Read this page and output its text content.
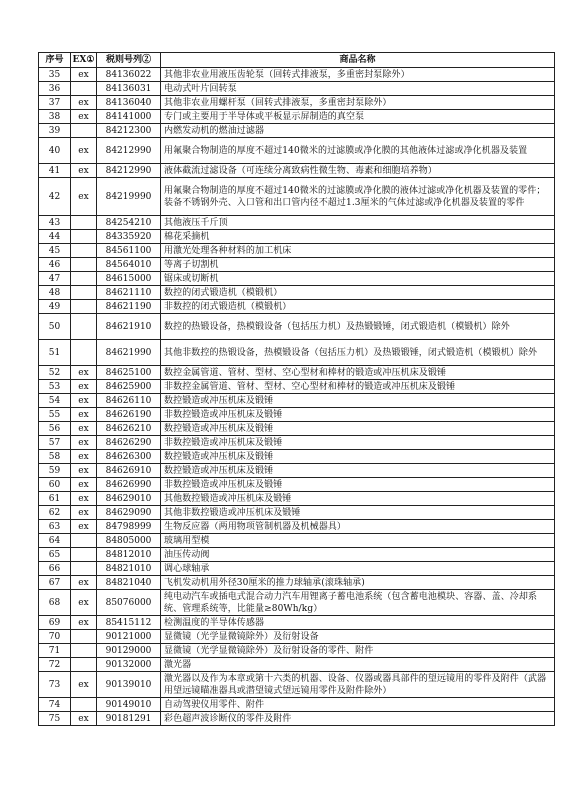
序号	EX①	税则号列②	商品名称
35	ex	84136022	其他非农业用液压齿轮泵（回转式排液泵，多重密封泵除外）
36		84136031	电动式叶片回转泵
37	ex	84136040	其他非农业用螺杆泵（回转式排液泵，多重密封泵除外）
38	ex	84141000	专门或主要用于半导体或平板显示屏制造的真空泵
39		84212300	内燃发动机的燃油过滤器
40	ex	84212990	用氟聚合物制造的厚度不超过140微米的过滤膜或净化膜的其他液体过滤或净化机器及装置
41	ex	84212990	液体截流过滤设备（可连续分离致病性微生物、毒素和细胞培养物）
42	ex	84219990	用氟聚合物制造的厚度不超过140微米的过滤膜或净化膜的液体过滤或净化机器及装置的零件；装备不锈钢外壳、入口管和出口管内径不超过1.3厘米的气体过滤或净化机器及装置的零件
43		84254210	其他液压千斤顶
44		84335920	棉花采摘机
45		84561100	用激光处理各种材料的加工机床
46		84564010	等离子切割机
47		84615000	锯床或切断机
48		84621110	数控的闭式锻造机（模锻机）
49		84621190	非数控的闭式锻造机（模锻机）
50		84621910	数控的热锻设备，热模锻设备（包括压力机）及热锻锻锤，闭式锻造机（模锻机）除外
51		84621990	其他非数控的热锻设备，热模锻设备（包括压力机）及热锻锻锤，闭式锻造机（模锻机）除外
52	ex	84625100	数控金属管道、管材、型材、空心型材和棒材的锻造或冲压机床及锻锤
53	ex	84625900	非数控金属管道、管材、型材、空心型材和棒材的锻造或冲压机床及锻锤
54	ex	84626110	数控锻造或冲压机床及锻锤
55	ex	84626190	非数控锻造或冲压机床及锻锤
56	ex	84626210	数控锻造或冲压机床及锻锤
57	ex	84626290	非数控锻造或冲压机床及锻锤
58	ex	84626300	数控锻造或冲压机床及锻锤
59	ex	84626910	数控锻造或冲压机床及锻锤
60	ex	84626990	非数控锻造或冲压机床及锻锤
61	ex	84629010	其他数控锻造或冲压机床及锻锤
62	ex	84629090	其他非数控锻造或冲压机床及锻锤
63	ex	84798999	生物反应器（两用物项管制机器及机械器具）
64		84805000	玻璃用型模
65		84812010	油压传动阀
66		84821010	调心球轴承
67	ex	84821040	飞机发动机用外径30厘米的推力球轴承(滚珠轴承)
68	ex	85076000	纯电动汽车或插电式混合动力汽车用锂离子蓄电池系统（包含蓄电池模块、容器、盖、冷却系统、管理系统等，比能量≥80Wh/kg）
69	ex	85415112	检测温度的半导体传感器
70		90121000	显微镜（光学显微镜除外）及衍射设备
71		90129000	显微镜（光学显微镜除外）及衍射设备的零件、附件
72		90132000	激光器
73	ex	90139010	激光器以及作为本章或第十六类的机器、设备、仪器或器具部件的望远镜用的零件及附件（武器用望远镜瞄准器具或潜望镜式望远镜用零件及附件除外）
74		90149010	自动驾驶仪用零件、附件
75	ex	90181291	彩色超声波诊断仪的零件及附件
